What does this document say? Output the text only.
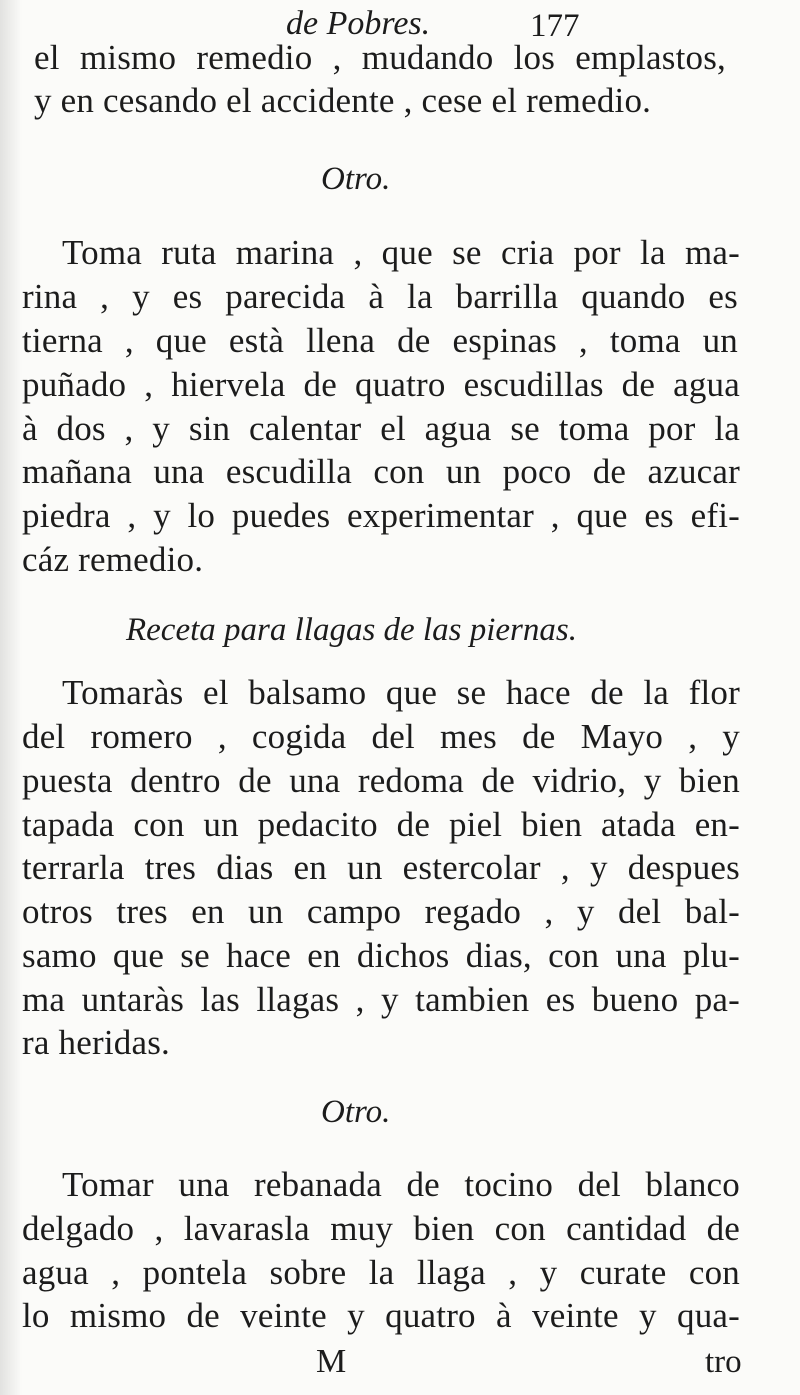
de Pobres.	177
el mismo remedio , mudando los emplastos,
y en cesando el accidente , cese el remedio.
Otro.
Toma ruta marina , que se cria por la ma-
rina , y es parecida à la barrilla quando es
tierna , que està llena de espinas , toma un
puñado , hiervela de quatro escudillas de agua
à dos , y sin calentar el agua se toma por la
mañana una escudilla con un poco de azucar
piedra , y lo puedes experimentar , que es efi-
cáz remedio.
Receta para llagas de las piernas.
Tomaràs el balsamo que se hace de la flor
del romero , cogida del mes de Mayo , y
puesta dentro de una redoma de vidrio, y bien
tapada con un pedacito de piel bien atada en-
terrarla tres dias en un estercolar , y despues
otros tres en un campo regado , y del bal-
samo que se hace en dichos dias, con una plu-
ma untaràs las llagas , y tambien es bueno pa-
ra heridas.
Otro.
Tomar una rebanada de tocino del blanco
delgado , lavarasla muy bien con cantidad de
agua , pontela sobre la llaga , y curate con
lo mismo de veinte y quatro à veinte y qua-
M	tro
